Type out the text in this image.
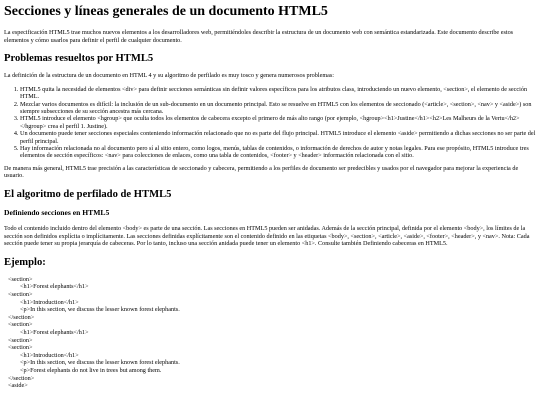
Secciones y líneas generales de un documento HTML5

La especificación HTML5 trae muchos nuevos elementos a los desarrolladores web, permitiéndoles describir la estructura de un documento web con semántica estandarizada. Este documento describe estos elementos y cómo usarlos para definir el perfil de cualquier documento.

Problemas resueltos por HTML5

La definición de la estructura de un documento en HTML 4 y su algoritmo de perfilado es muy tosco y genera numerosos problemas:

1. HTML5 quita la necesidad de elementos <div> para definir secciones semánticas sin definir valores específicos para los atributos class, introduciendo un nuevo elemento, <section>, el elemento de sección HTML.
2. Mezclar varios documentos es difícil: la inclusión de un sub-documento en un documento principal. Esto se resuelve en HTML5 con los elementos de seccionado (<article>, <section>, <nav> y <aside>) son siempre subsecciones de su sección ancestra más cercana.
3. HTML5 introduce el elemento <hgroup> que oculta todos los elementos de cabecera excepto el primero de más alto rango (por ejemplo, <hgroup><h1>Justine</h1><h2>Les Malheurs de la Vertu</h2></hgroup> crea el perfil 1. Justine).
4. Un documento puede tener secciones especiales conteniendo información relacionado que no es parte del flujo principal. HTML5 introduce el elemento <aside> permitiendo a dichas secciones no ser parte del perfil principal.
5. Hay información relacionada no al documento pero sí al sitio entero, como logos, menús, tablas de contenidos, o información de derechos de autor y notas legales. Para ese propósito, HTML5 introduce tres elementos de sección específicos: <nav> para colecciones de enlaces, como una tabla de contenidos, <footer> y <header> información relacionada con el sitio.

De manera más general, HTML5 trae precisión a las características de seccionado y cabecera, permitiendo a los perfiles de documento ser predecibles y usados por el navegador para mejorar la experiencia de usuario.

El algoritmo de perfilado de HTML5
Definiendo secciones en HTML5

Todo el contenido incluido dentro del elemento <body> es parte de una sección. Las secciones en HTML5 pueden ser anidadas. Además de la sección principal, definida por el elemento <body>, los límites de la sección son definidos explícita o implícitamente. Las secciones definidas explícitamente son el contenido definido en las etiquetas <body>, <section>, <article>, <aside>, <footer>, <header>, y <nav>. Nota: Cada sección puede tener su propia jerarquía de cabeceras. Por lo tanto, incluso una sección anidada puede tener un elemento <h1>. Consulte también Definiendo cabeceras en HTML5.

Ejemplo:
<section>
<h1>Forest elephants</h1>
<section>
<h1>Introduction</h1>
<p>In this section, we discuss the lesser known forest elephants.
</section>
<section>
<h1>Forest elephants</h1>
<section>
<section>
<h1>Introduction</h1>
<p>In this section, we discuss the lesser known forest elephants.
<p>Forest elephants do not live in trees but among them.
</section>
<aside>
